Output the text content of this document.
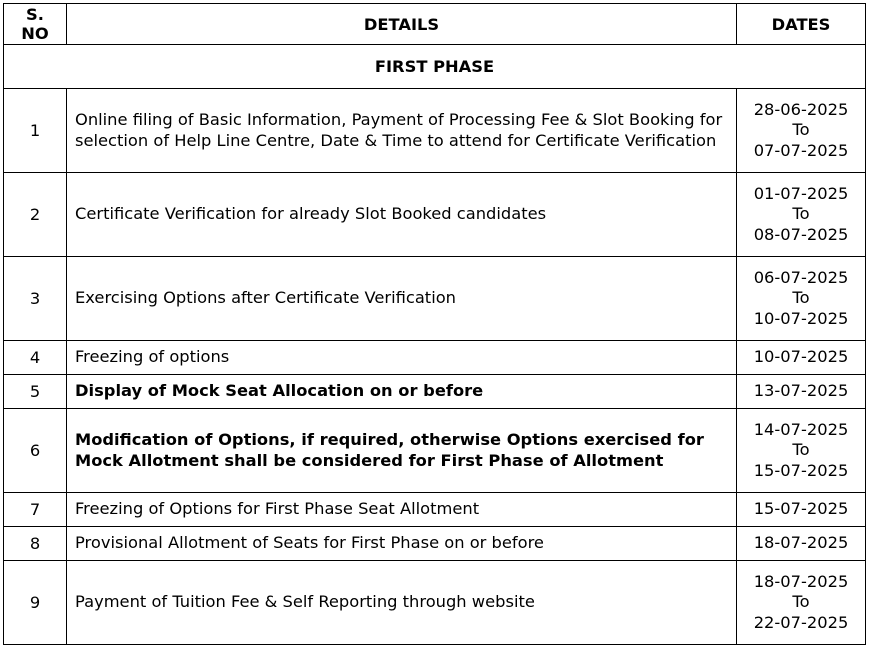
S.
NO	DETAILS	DATES
FIRST PHASE		
1	Online filing of Basic Information, Payment of Processing Fee & Slot Booking for selection of Help Line Centre, Date & Time to attend for Certificate Verification	28-06-2025
To
07-07-2025

2	Certificate Verification for already Slot Booked candidates	01-07-2025
To
08-07-2025

3	Exercising Options after Certificate Verification	06-07-2025
To
10-07-2025

4	Freezing of options	10-07-2025
5	Display of Mock Seat Allocation on or before	13-07-2025
6	Modification of Options, if required, otherwise Options exercised for Mock Allotment shall be considered for First Phase of Allotment	14-07-2025
To
15-07-2025

7	Freezing of Options for First Phase Seat Allotment	15-07-2025
8	Provisional Allotment of Seats for First Phase on or before	18-07-2025
9	Payment of Tuition Fee & Self Reporting through website	18-07-2025
To
22-07-2025
